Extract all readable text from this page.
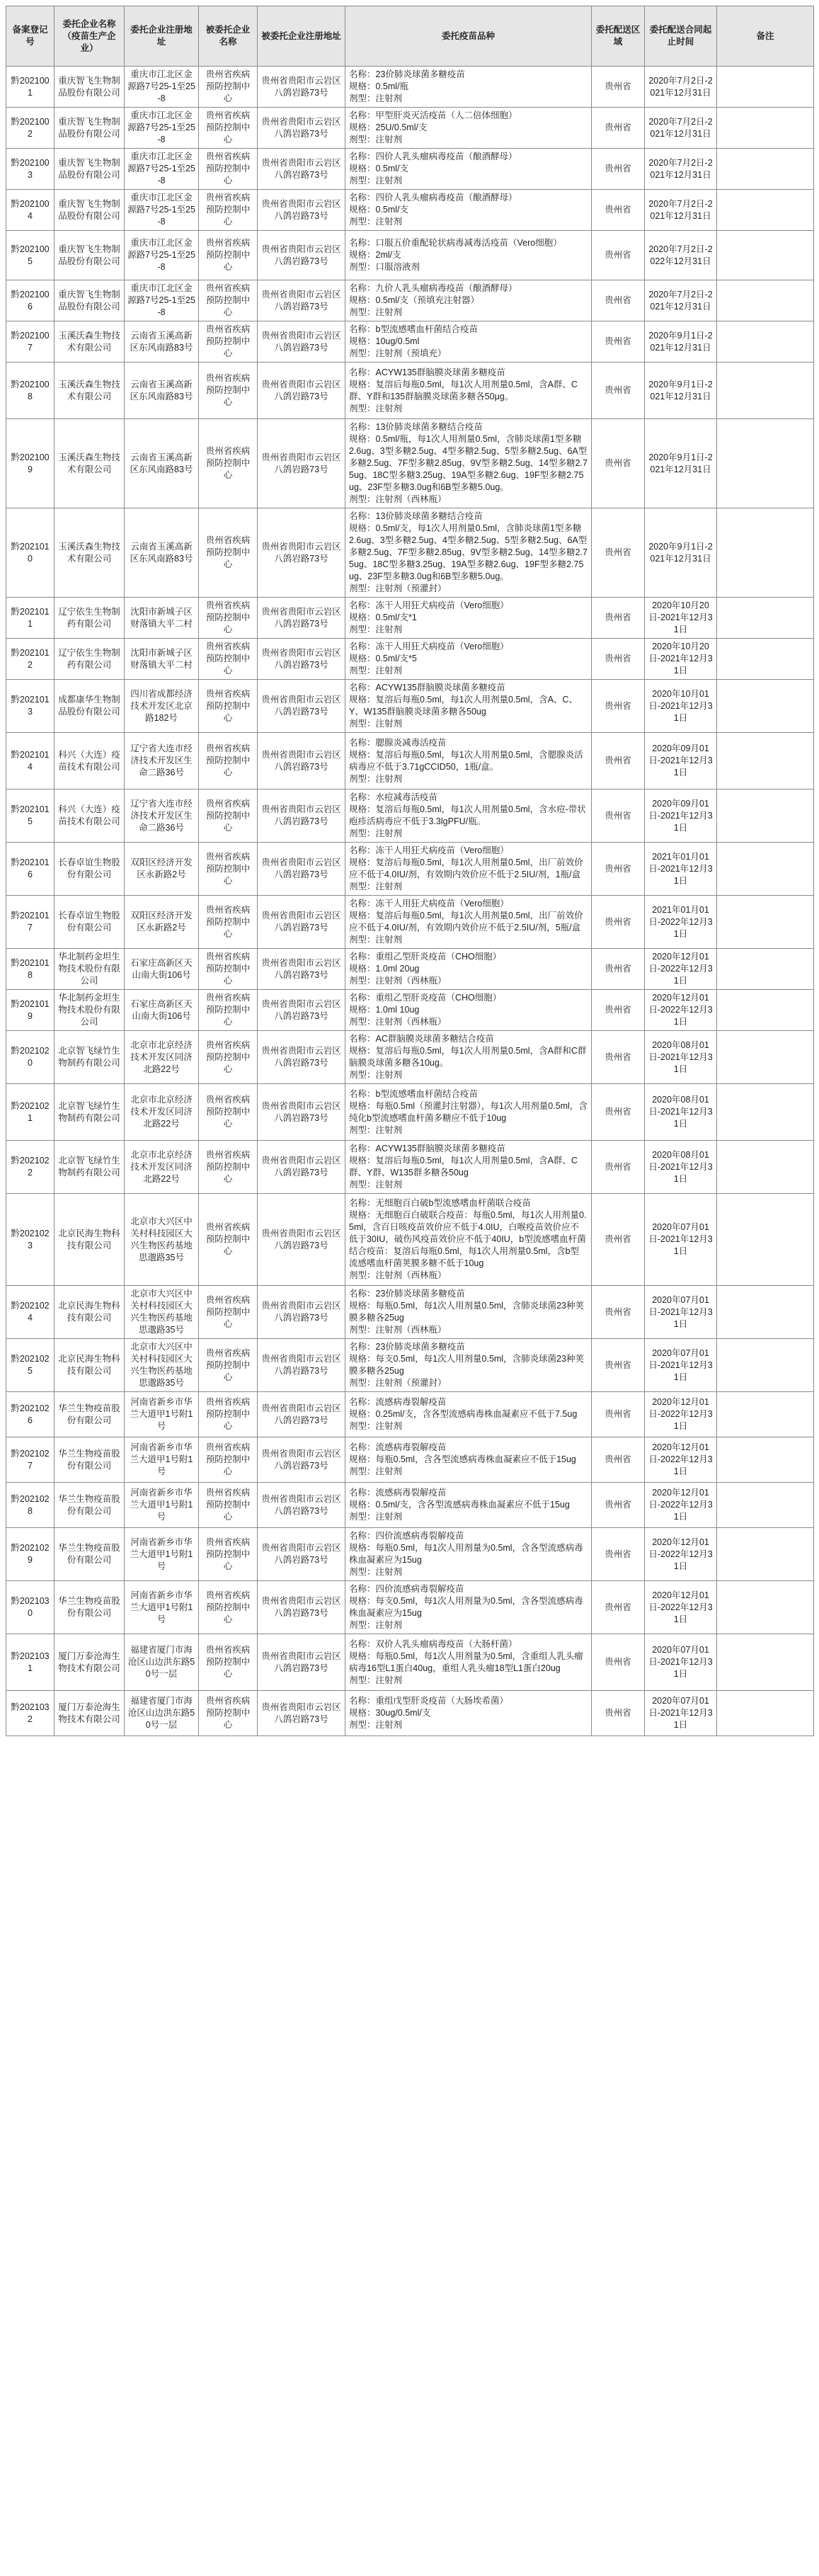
备案登记号	委托企业名称（疫苗生产企业）	委托企业注册地址	被委托企业名称	被委托企业注册地址	委托疫苗品种	委托配送区域	委托配送合同起止时间	备注
黔2021001	重庆智飞生物制品股份有限公司	重庆市江北区金源路7号25-1至25-8	贵州省疾病预防控制中心	贵州省贵阳市云岩区八鸽岩路73号	名称：23价肺炎球菌多糖疫苗
规格：0.5ml/瓶
剂型：注射剂	贵州省	2020年7月2日-2021年12月31日	
黔2021002	重庆智飞生物制品股份有限公司	重庆市江北区金源路7号25-1至25-8	贵州省疾病预防控制中心	贵州省贵阳市云岩区八鸽岩路73号	名称：甲型肝炎灭活疫苗（人二倍体细胞）
规格：25U/0.5ml/支
剂型：注射剂	贵州省	2020年7月2日-2021年12月31日	
黔2021003	重庆智飞生物制品股份有限公司	重庆市江北区金源路7号25-1至25-8	贵州省疾病预防控制中心	贵州省贵阳市云岩区八鸽岩路73号	名称：四价人乳头瘤病毒疫苗（酿酒酵母）
规格：0.5ml/支
剂型：注射剂	贵州省	2020年7月2日-2021年12月31日	
黔2021004	重庆智飞生物制品股份有限公司	重庆市江北区金源路7号25-1至25-8	贵州省疾病预防控制中心	贵州省贵阳市云岩区八鸽岩路73号	名称：四价人乳头瘤病毒疫苗（酿酒酵母）
规格：0.5ml/支
剂型：注射剂	贵州省	2020年7月2日-2021年12月31日	
黔2021005	重庆智飞生物制品股份有限公司	重庆市江北区金源路7号25-1至25-8	贵州省疾病预防控制中心	贵州省贵阳市云岩区八鸽岩路73号	名称：口服五价重配轮状病毒减毒活疫苗（Vero细胞）
规格：2ml/支
剂型：口服溶液剂	贵州省	2020年7月2日-2022年12月31日	
黔2021006	重庆智飞生物制品股份有限公司	重庆市江北区金源路7号25-1至25-8	贵州省疾病预防控制中心	贵州省贵阳市云岩区八鸽岩路73号	名称：九价人乳头瘤病毒疫苗（酿酒酵母）
规格：0.5ml/支（预填充注射器）
剂型：注射剂	贵州省	2020年7月2日-2021年12月31日	
黔2021007	玉溪沃森生物技术有限公司	云南省玉溪高新区东风南路83号	贵州省疾病预防控制中心	贵州省贵阳市云岩区八鸽岩路73号	名称：b型流感嗜血杆菌结合疫苗
规格：10ug/0.5ml
剂型：注射剂（预填充）	贵州省	2020年9月1日-2021年12月31日	
黔2021008	玉溪沃森生物技术有限公司	云南省玉溪高新区东风南路83号	贵州省疾病预防控制中心	贵州省贵阳市云岩区八鸽岩路73号	名称：ACYW135群脑膜炎球菌多糖疫苗
规格：复溶后每瓶0.5ml，每1次人用剂量0.5ml，含A群、C群、Y群和135群脑膜炎球菌多糖各50μg。
剂型：注射剂	贵州省	2020年9月1日-2021年12月31日	
黔2021009	玉溪沃森生物技术有限公司	云南省玉溪高新区东风南路83号	贵州省疾病预防控制中心	贵州省贵阳市云岩区八鸽岩路73号	名称：13价肺炎球菌多糖结合疫苗
规格：0.5ml/瓶，每1次人用剂量0.5ml，含肺炎球菌1型多糖2.6ug、3型多糖2.5ug、4型多糖2.5ug、5型多糖2.5ug、6A型多糖2.5ug、7F型多糖2.85ug、9V型多糖2.5ug、14型多糖2.75ug、18C型多糖3.25ug、19A型多糖2.6ug、19F型多糖2.75ug、23F型多糖3.0ug和6B型多糖5.0ug。
剂型：注射剂（西林瓶）	贵州省	2020年9月1日-2021年12月31日	
黔2021010	玉溪沃森生物技术有限公司	云南省玉溪高新区东风南路83号	贵州省疾病预防控制中心	贵州省贵阳市云岩区八鸽岩路73号	名称：13价肺炎球菌多糖结合疫苗
规格：0.5ml/支，每1次人用剂量0.5ml，含肺炎球菌1型多糖2.6ug、3型多糖2.5ug、4型多糖2.5ug、5型多糖2.5ug、6A型多糖2.5ug、7F型多糖2.85ug、9V型多糖2.5ug、14型多糖2.75ug、18C型多糖3.25ug、19A型多糖2.6ug、19F型多糖2.75ug、23F型多糖3.0ug和6B型多糖5.0ug。
剂型：注射剂（预灌封）	贵州省	2020年9月1日-2021年12月31日	
黔2021011	辽宁依生生物制药有限公司	沈阳市新城子区财落镇大平二村	贵州省疾病预防控制中心	贵州省贵阳市云岩区八鸽岩路73号	名称：冻干人用狂犬病疫苗（Vero细胞）
规格：0.5ml/支*1
剂型：注射剂	贵州省	2020年10月20日-2021年12月31日	
黔2021012	辽宁依生生物制药有限公司	沈阳市新城子区财落镇大平二村	贵州省疾病预防控制中心	贵州省贵阳市云岩区八鸽岩路73号	名称：冻干人用狂犬病疫苗（Vero细胞）
规格：0.5ml/支*5
剂型：注射剂	贵州省	2020年10月20日-2021年12月31日	
黔2021013	成都康华生物制品股份有限公司	四川省成都经济技术开发区北京路182号	贵州省疾病预防控制中心	贵州省贵阳市云岩区八鸽岩路73号	名称：ACYW135群脑膜炎球菌多糖疫苗
规格：复溶后每瓶0.5ml，每1次人用剂量0.5ml，含A、C、Y、W135群脑膜炎球菌多糖各50ug
剂型：注射剂	贵州省	2020年10月01日-2021年12月31日	
黔2021014	科兴（大连）疫苗技术有限公司	辽宁省大连市经济技术开发区生命二路36号	贵州省疾病预防控制中心	贵州省贵阳市云岩区八鸽岩路73号	名称：腮腺炎减毒活疫苗
规格：复溶后每瓶0.5ml，每1次人用剂量0.5ml，含腮腺炎活病毒应不低于3.71gCCID50，1瓶/盒。
剂型：注射剂	贵州省	2020年09月01日-2021年12月31日	
黔2021015	科兴（大连）疫苗技术有限公司	辽宁省大连市经济技术开发区生命二路36号	贵州省疾病预防控制中心	贵州省贵阳市云岩区八鸽岩路73号	名称：水痘减毒活疫苗
规格：复溶后每瓶0.5ml，每1次人用剂量0.5ml，含水痘-带状疱疹活病毒应不低于3.3lgPFU/瓶。
剂型：注射剂	贵州省	2020年09月01日-2021年12月31日	
黔2021016	长春卓谊生物股份有限公司	双阳区经济开发区永新路2号	贵州省疾病预防控制中心	贵州省贵阳市云岩区八鸽岩路73号	名称：冻干人用狂犬病疫苗（Vero细胞）
规格：复溶后每瓶0.5ml，每1次人用剂量0.5ml，出厂前效价应不低于4.0IU/剂，有效期内效价应不低于2.5IU/剂，1瓶/盒
剂型：注射剂	贵州省	2021年01月01日-2021年12月31日	
黔2021017	长春卓谊生物股份有限公司	双阳区经济开发区永新路2号	贵州省疾病预防控制中心	贵州省贵阳市云岩区八鸽岩路73号	名称：冻干人用狂犬病疫苗（Vero细胞）
规格：复溶后每瓶0.5ml，每1次人用剂量0.5ml，出厂前效价应不低于4.0IU/剂，有效期内效价应不低于2.5IU/剂，5瓶/盒
剂型：注射剂	贵州省	2021年01月01日-2022年12月31日	
黔2021018	华北制药金坦生物技术股份有限公司	石家庄高新区天山南大街106号	贵州省疾病预防控制中心	贵州省贵阳市云岩区八鸽岩路73号	名称：重组乙型肝炎疫苗（CHO细胞）
规格：1.0ml 20ug
剂型：注射剂（西林瓶）	贵州省	2020年12月01日-2022年12月31日	
黔2021019	华北制药金坦生物技术股份有限公司	石家庄高新区天山南大街106号	贵州省疾病预防控制中心	贵州省贵阳市云岩区八鸽岩路73号	名称：重组乙型肝炎疫苗（CHO细胞）
规格：1.0ml 10ug
剂型：注射剂（西林瓶）	贵州省	2020年12月01日-2022年12月31日	
黔2021020	北京智飞绿竹生物制药有限公司	北京市北京经济技术开发区同济北路22号	贵州省疾病预防控制中心	贵州省贵阳市云岩区八鸽岩路73号	名称：AC群脑膜炎球菌多糖结合疫苗
规格：复溶后每瓶0.5ml，每1次人用剂量0.5ml，含A群和C群脑膜炎球菌多糖各10ug。
剂型：注射剂	贵州省	2020年08月01日-2021年12月31日	
黔2021021	北京智飞绿竹生物制药有限公司	北京市北京经济技术开发区同济北路22号	贵州省疾病预防控制中心	贵州省贵阳市云岩区八鸽岩路73号	名称：b型流感嗜血杆菌结合疫苗
规格：每瓶0.5ml（预灌封注射器），每1次人用剂量0.5ml，含纯化b型流感嗜血杆菌多糖应不低于10ug
剂型：注射剂	贵州省	2020年08月01日-2021年12月31日	
黔2021022	北京智飞绿竹生物制药有限公司	北京市北京经济技术开发区同济北路22号	贵州省疾病预防控制中心	贵州省贵阳市云岩区八鸽岩路73号	名称：ACYW135群脑膜炎球菌多糖疫苗
规格：复溶后每瓶0.5ml，每1次人用剂量0.5ml，含A群、C群、Y群、W135群多糖各50ug
剂型：注射剂	贵州省	2020年08月01日-2021年12月31日	
黔2021023	北京民海生物科技有限公司	北京市大兴区中关村科技园区大兴生物医药基地思邈路35号	贵州省疾病预防控制中心	贵州省贵阳市云岩区八鸽岩路73号	名称：无细胞百白破b型流感嗜血杆菌联合疫苗
规格：无细胞百白破联合疫苗：每瓶0.5ml，每1次人用剂量0.5ml，含百日咳疫苗效价应不低于4.0IU，白喉疫苗效价应不低于30IU，破伤风疫苗效价应不低于40IU，b型流感嗜血杆菌结合疫苗：复溶后每瓶0.5ml，每1次人用剂量0.5ml，含b型流感嗜血杆菌荚膜多糖不低于10ug
剂型：注射剂（西林瓶）	贵州省	2020年07月01日-2021年12月31日	
黔2021024	北京民海生物科技有限公司	北京市大兴区中关村科技园区大兴生物医药基地思邈路35号	贵州省疾病预防控制中心	贵州省贵阳市云岩区八鸽岩路73号	名称：23价肺炎球菌多糖疫苗
规格：每瓶0.5ml，每1次人用剂量0.5ml，含肺炎球菌23种荚膜多糖各25ug
剂型：注射剂（西林瓶）	贵州省	2020年07月01日-2021年12月31日	
黔2021025	北京民海生物科技有限公司	北京市大兴区中关村科技园区大兴生物医药基地思邈路35号	贵州省疾病预防控制中心	贵州省贵阳市云岩区八鸽岩路73号	名称：23价肺炎球菌多糖疫苗
规格：每支0.5ml，每1次人用剂量0.5ml，含肺炎球菌23种荚膜多糖各25ug
剂型：注射剂（预灌封）	贵州省	2020年07月01日-2021年12月31日	
黔2021026	华兰生物疫苗股份有限公司	河南省新乡市华兰大道甲1号附1号	贵州省疾病预防控制中心	贵州省贵阳市云岩区八鸽岩路73号	名称：流感病毒裂解疫苗
规格：0.25ml/支，含各型流感病毒株血凝素应不低于7.5ug
剂型：注射剂	贵州省	2020年12月01日-2022年12月31日	
黔2021027	华兰生物疫苗股份有限公司	河南省新乡市华兰大道甲1号附1号	贵州省疾病预防控制中心	贵州省贵阳市云岩区八鸽岩路73号	名称：流感病毒裂解疫苗
规格：每瓶0.5ml，含各型流感病毒株血凝素应不低于15ug
剂型：注射剂	贵州省	2020年12月01日-2022年12月31日	
黔2021028	华兰生物疫苗股份有限公司	河南省新乡市华兰大道甲1号附1号	贵州省疾病预防控制中心	贵州省贵阳市云岩区八鸽岩路73号	名称：流感病毒裂解疫苗
规格：0.5ml/支，含各型流感病毒株血凝素应不低于15ug
剂型：注射剂	贵州省	2020年12月01日-2022年12月31日	
黔2021029	华兰生物疫苗股份有限公司	河南省新乡市华兰大道甲1号附1号	贵州省疾病预防控制中心	贵州省贵阳市云岩区八鸽岩路73号	名称：四价流感病毒裂解疫苗
规格：每瓶0.5ml，每1次人用剂量为0.5ml，含各型流感病毒株血凝素应为15ug
剂型：注射剂	贵州省	2020年12月01日-2022年12月31日	
黔2021030	华兰生物疫苗股份有限公司	河南省新乡市华兰大道甲1号附1号	贵州省疾病预防控制中心	贵州省贵阳市云岩区八鸽岩路73号	名称：四价流感病毒裂解疫苗
规格：每支0.5ml，每1次人用剂量为0.5ml，含各型流感病毒株血凝素应为15ug
剂型：注射剂	贵州省	2020年12月01日-2022年12月31日	
黔2021031	厦门万泰沧海生物技术有限公司	福建省厦门市海沧区山边洪东路50号一层	贵州省疾病预防控制中心	贵州省贵阳市云岩区八鸽岩路73号	名称：双价人乳头瘤病毒疫苗（大肠杆菌）
规格：每瓶0.5ml，每1次人用剂量为0.5ml，含重组人乳头瘤病毒16型L1蛋白40ug，重组人乳头瘤18型L1蛋白20ug
剂型：注射剂	贵州省	2020年07月01日-2021年12月31日	
黔2021032	厦门万泰沧海生物技术有限公司	福建省厦门市海沧区山边洪东路50号一层	贵州省疾病预防控制中心	贵州省贵阳市云岩区八鸽岩路73号	名称：重组戊型肝炎疫苗（大肠埃希菌）
规格：30ug/0.5ml/支
剂型：注射剂	贵州省	2020年07月01日-2021年12月31日	
